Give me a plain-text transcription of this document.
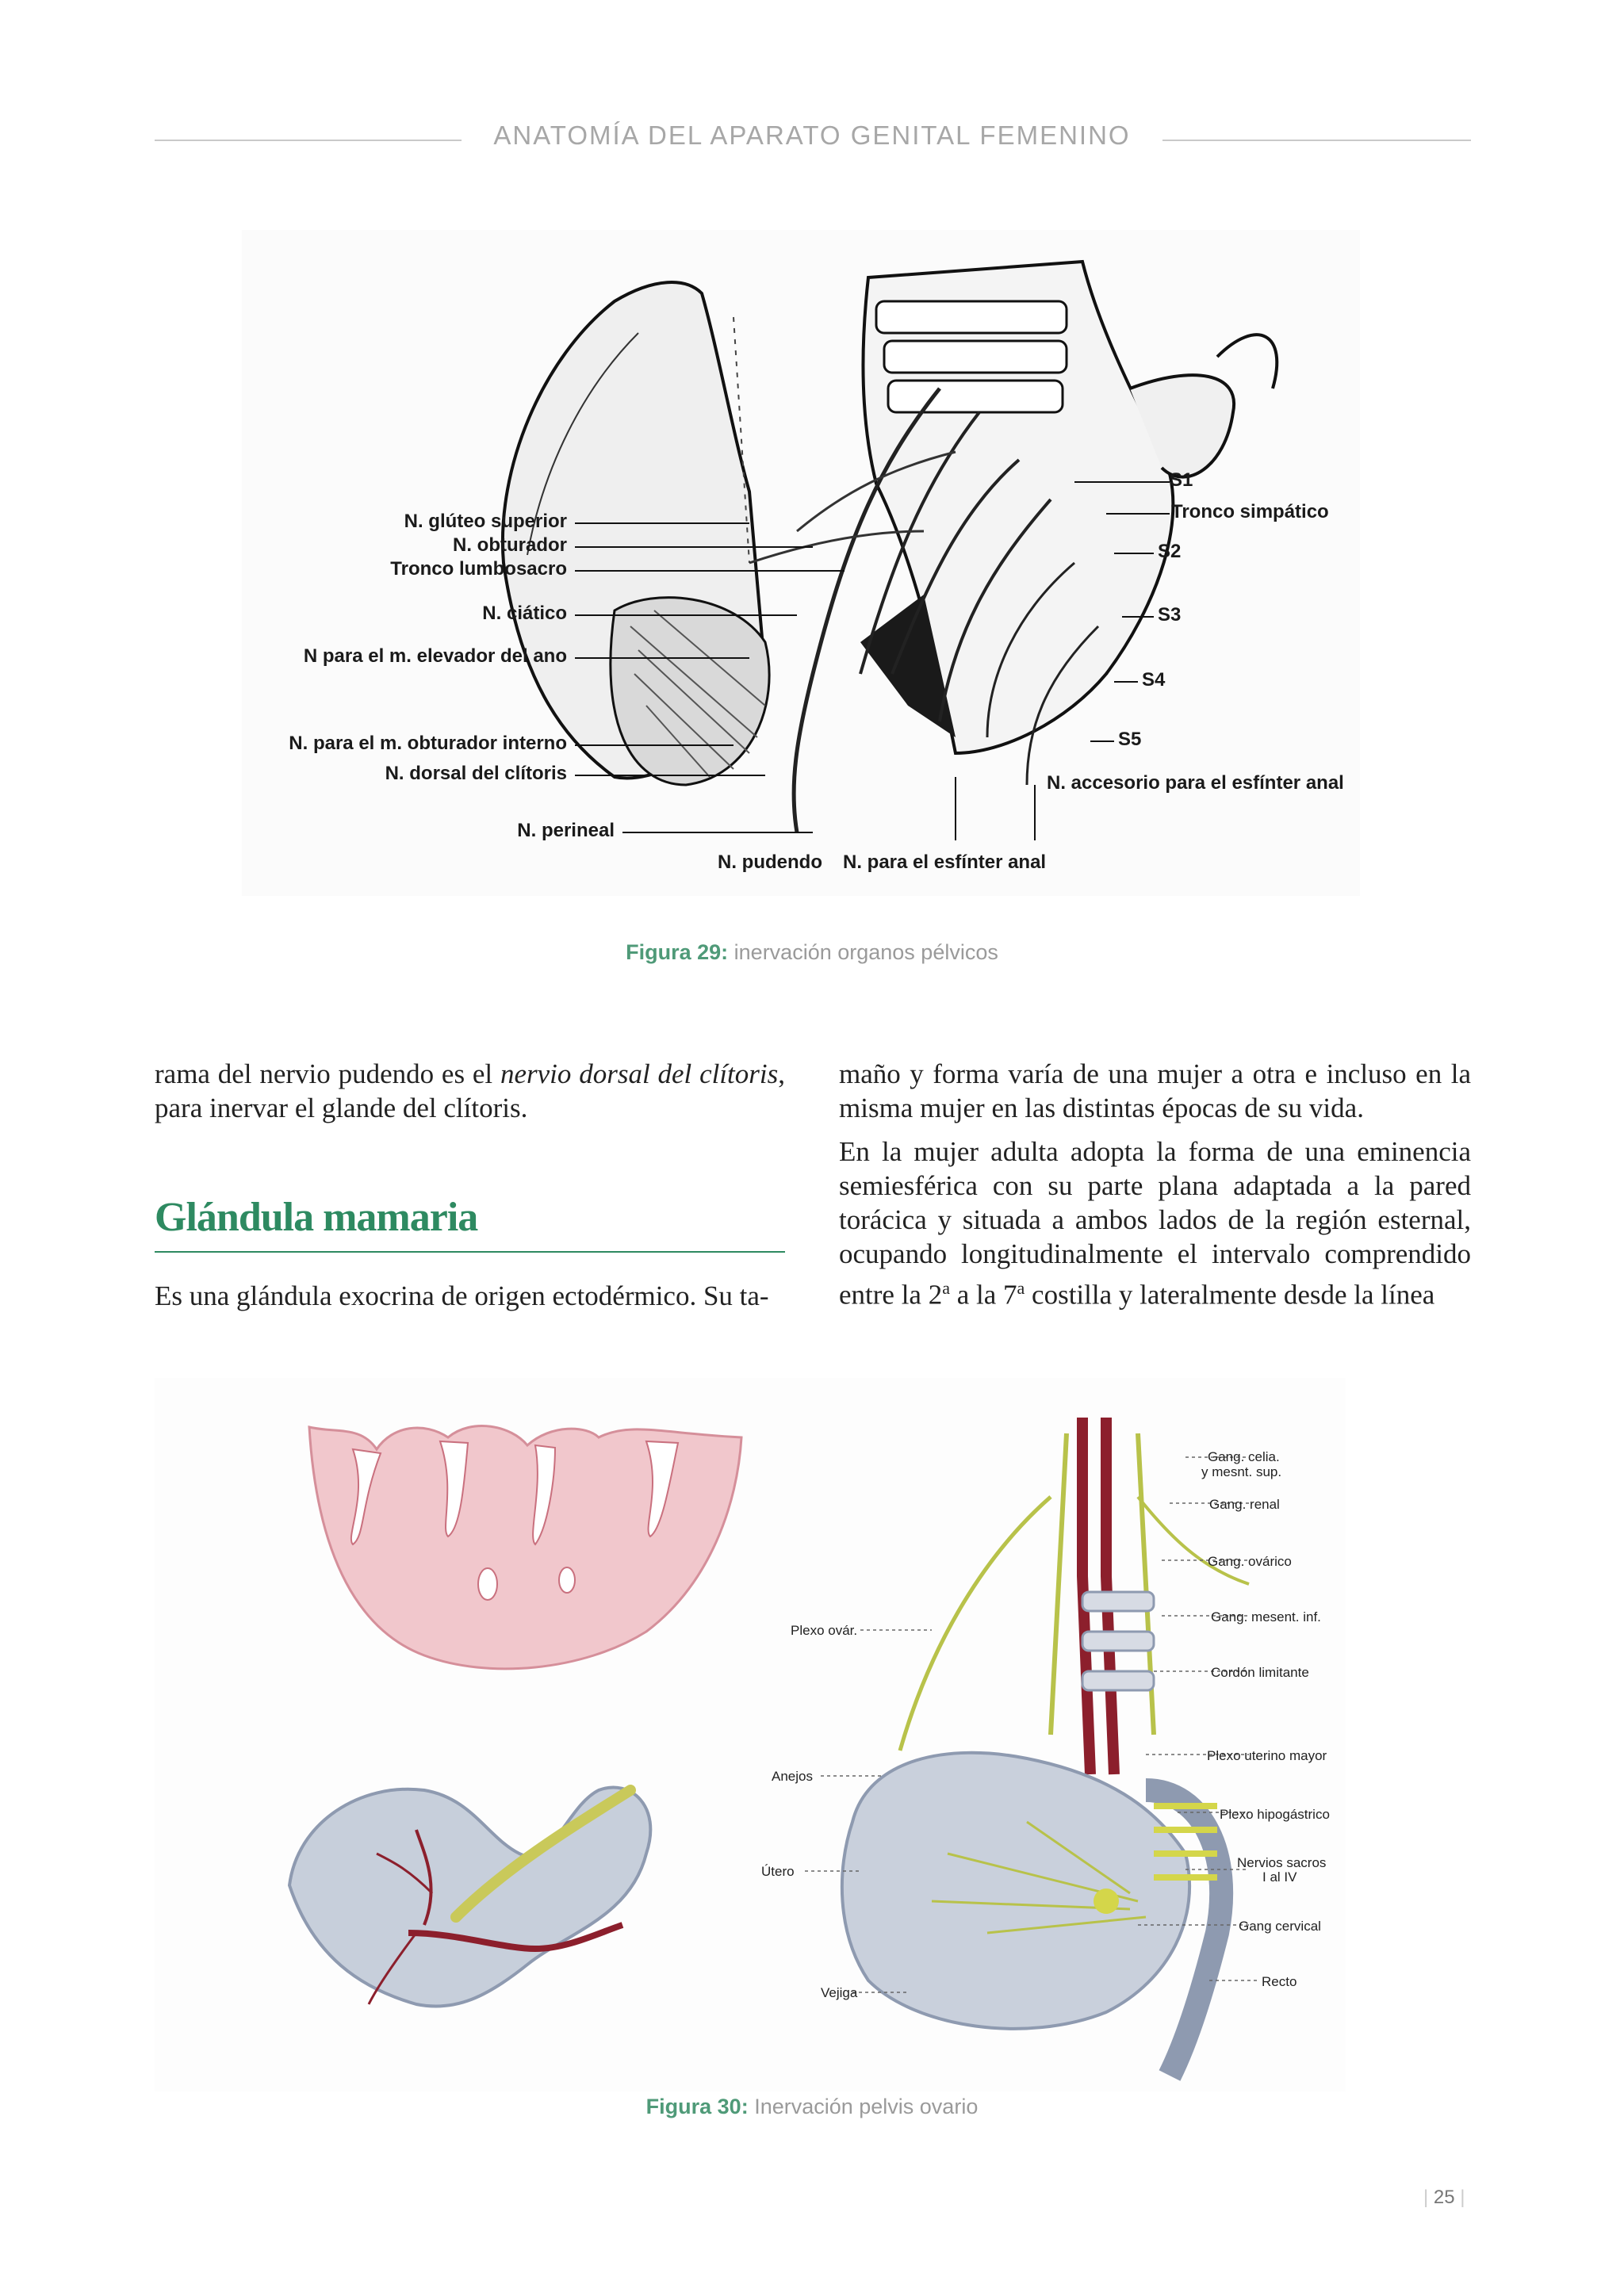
ANATOMÍA DEL APARATO GENITAL FEMENINO
N. glúteo superior
N. obturador
Tronco lumbosacro
N. ciático
N para el m. elevador del ano
N. para el m. obturador interno
N. dorsal del clítoris
N. perineal
S1
Tronco simpático
S2
S3
S4
S5
N. accesorio para el esfínter anal
N. pudendo N. para el esfínter anal
Figura 29: inervación organos pélvicos

rama del nervio pudendo es el nervio dorsal del clítoris, para inervar el glande del clítoris.

Glándula mamaria

Es una glándula exocrina de origen ectodérmico. Su ta-

maño y forma varía de una mujer a otra e incluso en la misma mujer en las distintas épocas de su vida.

En la mujer adulta adopta la forma de una eminencia semiesférica con su parte plana adaptada a la pared torácica y situada a ambos lados de la región esternal, ocupando longitudinalmente el intervalo comprendido entre la 2$^a$ a la 7$^a$ costilla y lateralmente desde la línea

Gang. celia.
y mesnt. sup.
Gang. renal
Gang. ovárico
Gang. mesent. inf.
Cordón limitante
Plexo uterino mayor
Plexo hipogástrico
Nervios sacros
I al IV
Gang cervical
Recto
Plexo ovár.
Anejos
Útero
Vejiga
Figura 30: Inervación pelvis ovario
| 25 |
